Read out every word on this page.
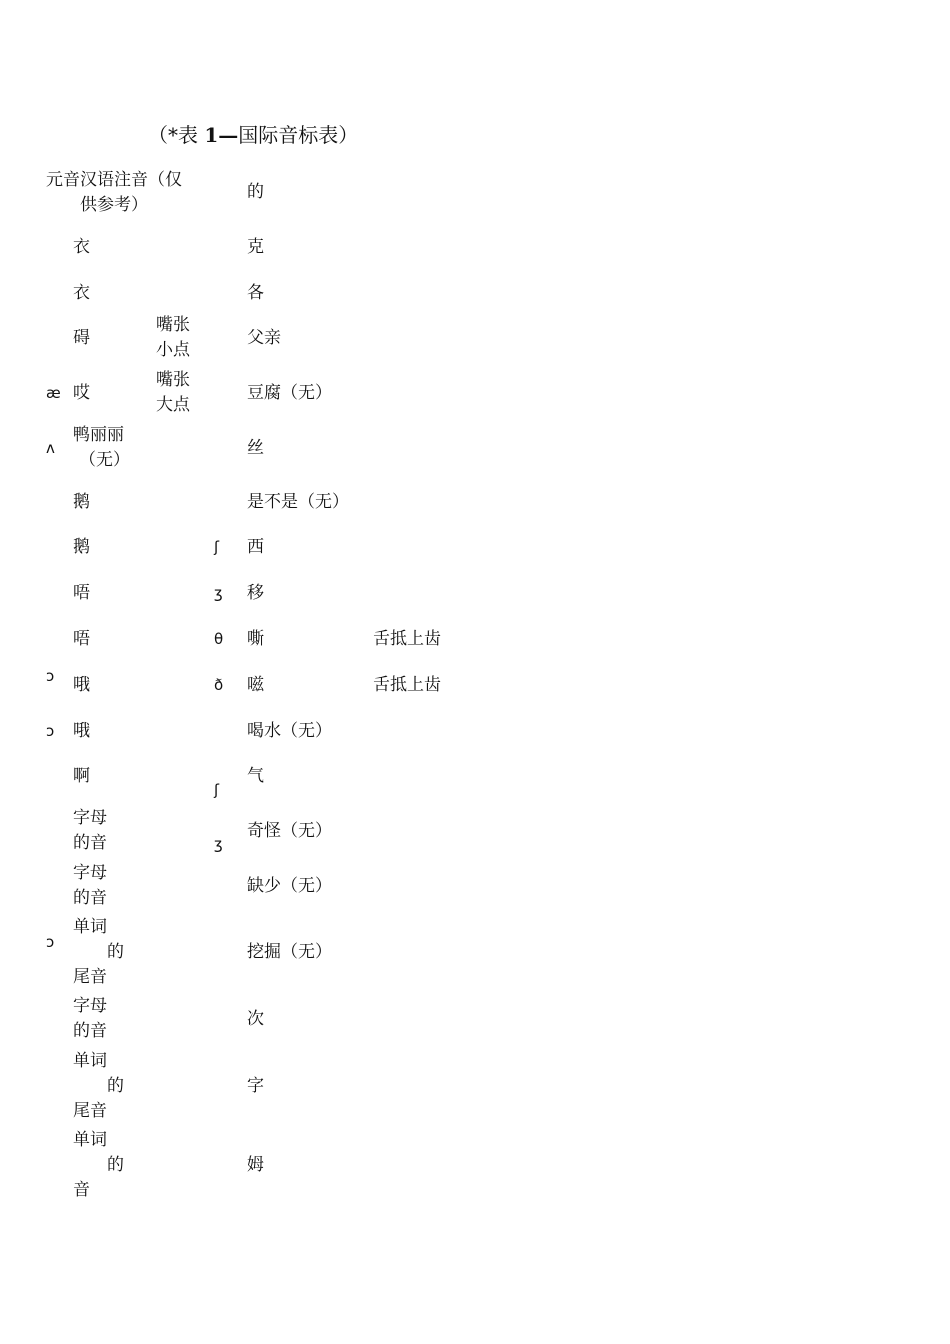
（*表 1—国际音标表）
元音汉语注音（仅
供参考）
的
æ
ʌ
ɔ
ɔ
ɔ
衣
衣
碍
哎
鸭丽丽
（无）
鹅
鹅
唔
唔
哦
哦
啊
字母
的音
字母
的音
单词
的
尾音
字母
的音
单词
的
尾音
单词
的
音
嘴张
小点
嘴张
大点
ʃ
ʒ
θ
ð
ʃ
ʒ
克
各
父亲
豆腐（无）
丝
是不是（无）
西
移
嘶
嗞
喝水（无）
气
奇怪（无）
缺少（无）
挖掘（无）
次
字
姆
舌抵上齿
舌抵上齿
